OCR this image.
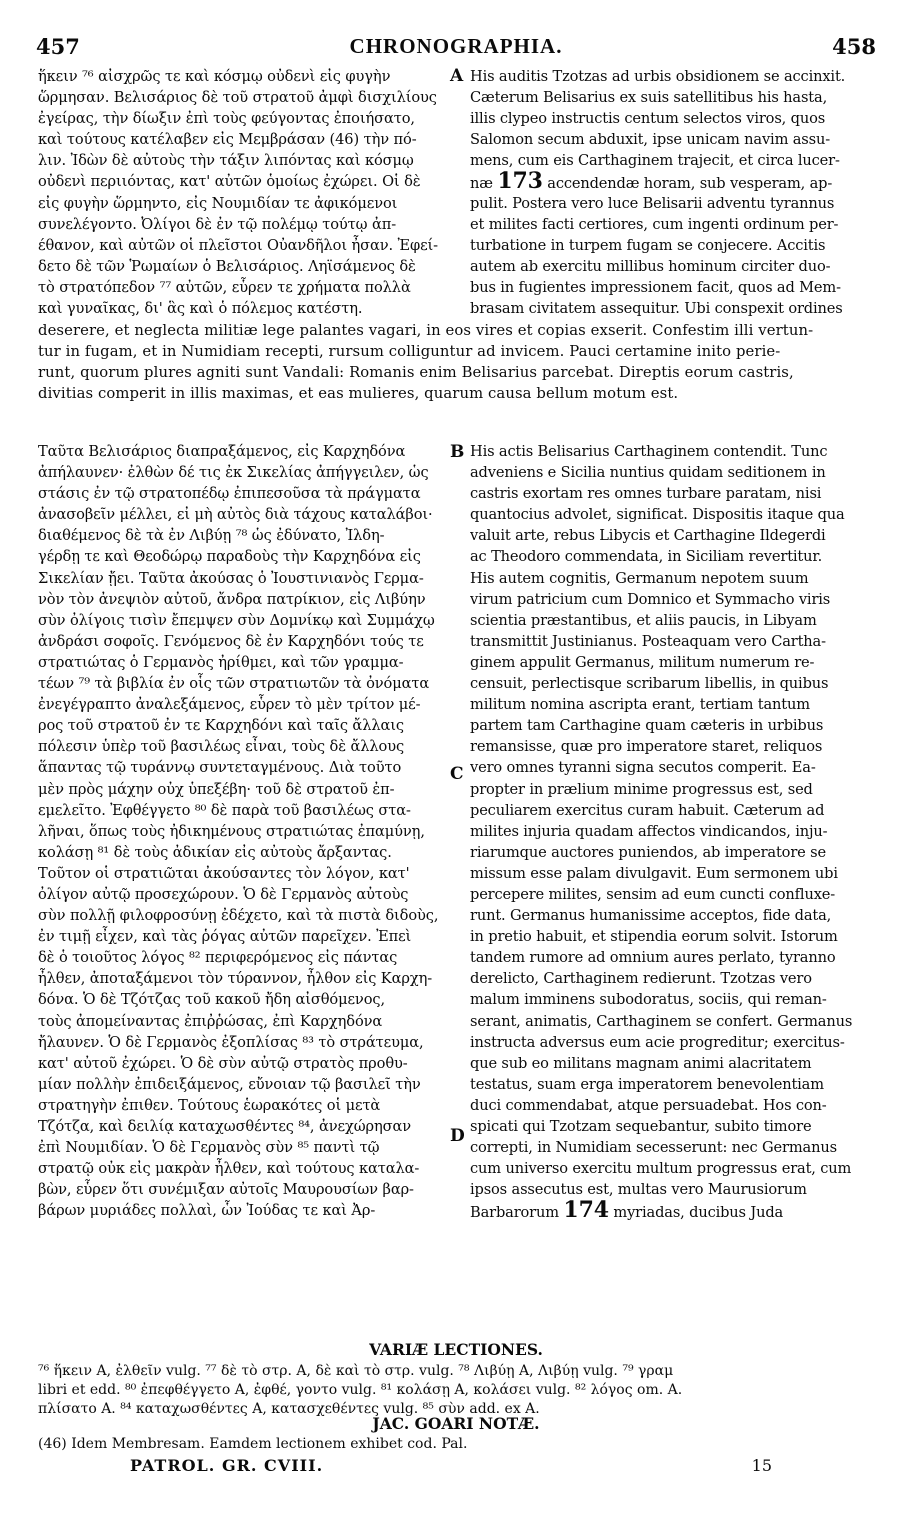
457	CHRONOGRAPHIA.	458
ἥκειν ⁷⁶ αἰσχρῶς τε καὶ κόσμῳ οὐδενὶ εἰς φυγὴν
ὥρμησαν. Βελισάριος δὲ τοῦ στρατοῦ ἀμφὶ δισχιλίους
ἐγείρας, τὴν δίωξιν ἐπὶ τοὺς φεύγοντας ἐποιήσατο,
καὶ τούτους κατέλαβεν εἰς Μεμβράσαν (46) τὴν πό-
λιν. Ἰδὼν δὲ αὐτοὺς τὴν τάξιν λιπόντας καὶ κόσμῳ
οὐδενὶ περιιόντας, κατ' αὐτῶν ὁμοίως ἐχώρει. Οἱ δὲ
εἰς φυγὴν ὥρμηντο, εἰς Νουμιδίαν τε ἀφικόμενοι
συνελέγοντο. Ὀλίγοι δὲ ἐν τῷ πολέμῳ τούτῳ ἀπ-
έθανον, καὶ αὐτῶν οἱ πλεῖστοι Οὐανδῆλοι ἦσαν. Ἐφεί-
δετο δὲ τῶν Ῥωμαίων ὁ Βελισάριος. Ληϊσάμενος δὲ
τὸ στρατόπεδον ⁷⁷ αὐτῶν, εὗρεν τε χρήματα πολλὰ
καὶ γυναῖκας, δι' ἃς καὶ ὁ πόλεμος κατέστη.
His auditis Tzotzas ad urbis obsidionem se accinxit.
Cæterum Belisarius ex suis satellitibus his hasta,
illis clypeo instructis centum selectos viros, quos
Salomon secum abduxit, ipse unicam navim assu-
mens, cum eis Carthaginem trajecit, et circa lucer-
næ 173 accendendæ horam, sub vesperam, ap-
pulit. Postera vero luce Belisarii adventu tyrannus
et milites facti certiores, cum ingenti ordinum per-
turbatione in turpem fugam se conjecere. Accitis
autem ab exercitu millibus hominum circiter duo-
bus in fugientes impressionem facit, quos ad Mem-
brasam civitatem assequitur. Ubi conspexit ordines
deserere, et neglecta militiæ lege palantes vagari, in eos vires et copias exserit. Confestim illi vertun-
tur in fugam, et in Numidiam recepti, rursum colliguntur ad invicem. Pauci certamine inito perie-
runt, quorum plures agniti sunt Vandali: Romanis enim Belisarius parcebat. Direptis eorum castris,
divitias comperit in illis maximas, et eas mulieres, quarum causa bellum motum est.
Ταῦτα Βελισάριος διαπραξάμενος, εἰς Καρχηδόνα
ἀπήλαυνεν· ἐλθὼν δέ τις ἐκ Σικελίας ἀπήγγειλεν, ὡς
στάσις ἐν τῷ στρατοπέδῳ ἐπιπεσοῦσα τὰ πράγματα
ἀνασοβεῖν μέλλει, εἰ μὴ αὐτὸς διὰ τάχους καταλάβοι·
διαθέμενος δὲ τὰ ἐν Λιβύῃ ⁷⁸ ὡς ἐδύνατο, Ἰλδη-
γέρδῃ τε καὶ Θεοδώρῳ παραδοὺς τὴν Καρχηδόνα εἰς
Σικελίαν ᾔει. Ταῦτα ἀκούσας ὁ Ἰουστινιανὸς Γερμα-
νὸν τὸν ἀνεψιὸν αὐτοῦ, ἄνδρα πατρίκιον, εἰς Λιβύην
σὺν ὀλίγοις τισὶν ἔπεμψεν σὺν Δομνίκῳ καὶ Συμμάχῳ
ἀνδράσι σοφοῖς. Γενόμενος δὲ ἐν Καρχηδόνι τούς τε
στρατιώτας ὁ Γερμανὸς ἠρίθμει, καὶ τῶν γραμμα-
τέων ⁷⁹ τὰ βιβλία ἐν οἷς τῶν στρατιωτῶν τὰ ὀνόματα
ἐνεγέγραπτο ἀναλεξάμενος, εὗρεν τὸ μὲν τρίτον μέ-
ρος τοῦ στρατοῦ ἐν τε Καρχηδόνι καὶ ταῖς ἄλλαις
πόλεσιν ὑπὲρ τοῦ βασιλέως εἶναι, τοὺς δὲ ἄλλους
ἅπαντας τῷ τυράννῳ συντεταγμένους. Διὰ τοῦτο
μὲν πρὸς μάχην οὐχ ὑπεξέβη· τοῦ δὲ στρατοῦ ἐπ-
εμελεῖτο. Ἐφθέγγετο ⁸⁰ δὲ παρὰ τοῦ βασιλέως στα-
λῆναι, ὅπως τοὺς ἠδικημένους στρατιώτας ἐπαμύνῃ,
κολάσῃ ⁸¹ δὲ τοὺς ἀδικίαν εἰς αὐτοὺς ἄρξαντας.
Τοῦτον οἱ στρατιῶται ἀκούσαντες τὸν λόγον, κατ'
ὀλίγον αὐτῷ προσεχώρουν. Ὁ δὲ Γερμανὸς αὐτοὺς
σὺν πολλῇ φιλοφροσύνῃ ἐδέχετο, καὶ τὰ πιστὰ διδοὺς,
ἐν τιμῇ εἶχεν, καὶ τὰς ῥόγας αὐτῶν παρεῖχεν. Ἐπεὶ
δὲ ὁ τοιοῦτος λόγος ⁸² περιφερόμενος εἰς πάντας
ἦλθεν, ἀποταξάμενοι τὸν τύραννον, ἦλθον εἰς Καρχη-
δόνα. Ὁ δὲ Τζότζας τοῦ κακοῦ ἤδη αἰσθόμενος,
τοὺς ἀπομείναντας ἐπιῤῥώσας, ἐπὶ Καρχηδόνα
ἤλαυνεν. Ὁ δὲ Γερμανὸς ἐξοπλίσας ⁸³ τὸ στράτευμα,
κατ' αὐτοῦ ἐχώρει. Ὁ δὲ σὺν αὐτῷ στρατὸς προθυ-
μίαν πολλὴν ἐπιδειξάμενος, εὔνοιαν τῷ βασιλεῖ τὴν
στρατηγὴν ἐπιθεν. Τούτους ἑωρακότες οἱ μετὰ
Τζότζα, καὶ δειλίᾳ καταχωσθέντες ⁸⁴, ἀνεχώρησαν
ἐπὶ Νουμιδίαν. Ὁ δὲ Γερμανὸς σὺν ⁸⁵ παντὶ τῷ
στρατῷ οὐκ εἰς μακρὰν ἦλθεν, καὶ τούτους καταλα-
βὼν, εὗρεν ὅτι συνέμιξαν αὐτοῖς Μαυρουσίων βαρ-
βάρων μυριάδες πολλαὶ, ὧν Ἰούδας τε καὶ Ἀρ-
His actis Belisarius Carthaginem contendit. Tunc
adveniens e Sicilia nuntius quidam seditionem in
castris exortam res omnes turbare paratam, nisi
quantocius advolet, significat. Dispositis itaque qua
valuit arte, rebus Libycis et Carthagine Ildegerdi
ac Theodoro commendata, in Siciliam revertitur.
His autem cognitis, Germanum nepotem suum
virum patricium cum Domnico et Symmacho viris
scientia præstantibus, et aliis paucis, in Libyam
transmittit Justinianus. Posteaquam vero Cartha-
ginem appulit Germanus, militum numerum re-
censuit, perlectisque scribarum libellis, in quibus
militum nomina ascripta erant, tertiam tantum
partem tam Carthagine quam cæteris in urbibus
remansisse, quæ pro imperatore staret, reliquos
vero omnes tyranni signa secutos comperit. Ea-
propter in prælium minime progressus est, sed
peculiarem exercitus curam habuit. Cæterum ad
milites injuria quadam affectos vindicandos, inju-
riarumque auctores puniendos, ab imperatore se
missum esse palam divulgavit. Eum sermonem ubi
percepere milites, sensim ad eum cuncti confluxe-
runt. Germanus humanissime acceptos, fide data,
in pretio habuit, et stipendia eorum solvit. Istorum
tandem rumore ad omnium aures perlato, tyranno
derelicto, Carthaginem redierunt. Tzotzas vero
malum imminens subodoratus, sociis, qui reman-
serant, animatis, Carthaginem se confert. Germanus
instructa adversus eum acie progreditur; exercitus-
que sub eo militans magnam animi alacritatem
testatus, suam erga imperatorem benevolentiam
duci commendabat, atque persuadebat. Hos con-
spicati qui Tzotzam sequebantur, subito timore
correpti, in Numidiam secesserunt: nec Germanus
cum universo exercitu multum progressus erat, cum
ipsos assecutus est, multas vero Maurusiorum
Barbarorum 174 myriadas, ducibus Juda
A
B
C
D
VARIÆ LECTIONES.
⁷⁶ ἥκειν A, ἐλθεῖν vulg. ⁷⁷ δὲ τὸ στρ. A, δὲ καὶ τὸ στρ. vulg. ⁷⁸ Λιβύῃ A, Λιβύῃ vulg. ⁷⁹ γραμ
libri et edd. ⁸⁰ ἐπεφθέγγετο A, ἐφθέ, γοντο vulg. ⁸¹ κολάσῃ A, κολάσει vulg. ⁸² λόγος om. A.
πλίσατο A. ⁸⁴ καταχωσθέντες A, κατασχεθέντες vulg. ⁸⁵ σὺν add. ex A.
JAC. GOARI NOTÆ.
(46) Idem Membresam. Eamdem lectionem exhibet cod. Pal.
PATROL. GR. CVIII.	15
